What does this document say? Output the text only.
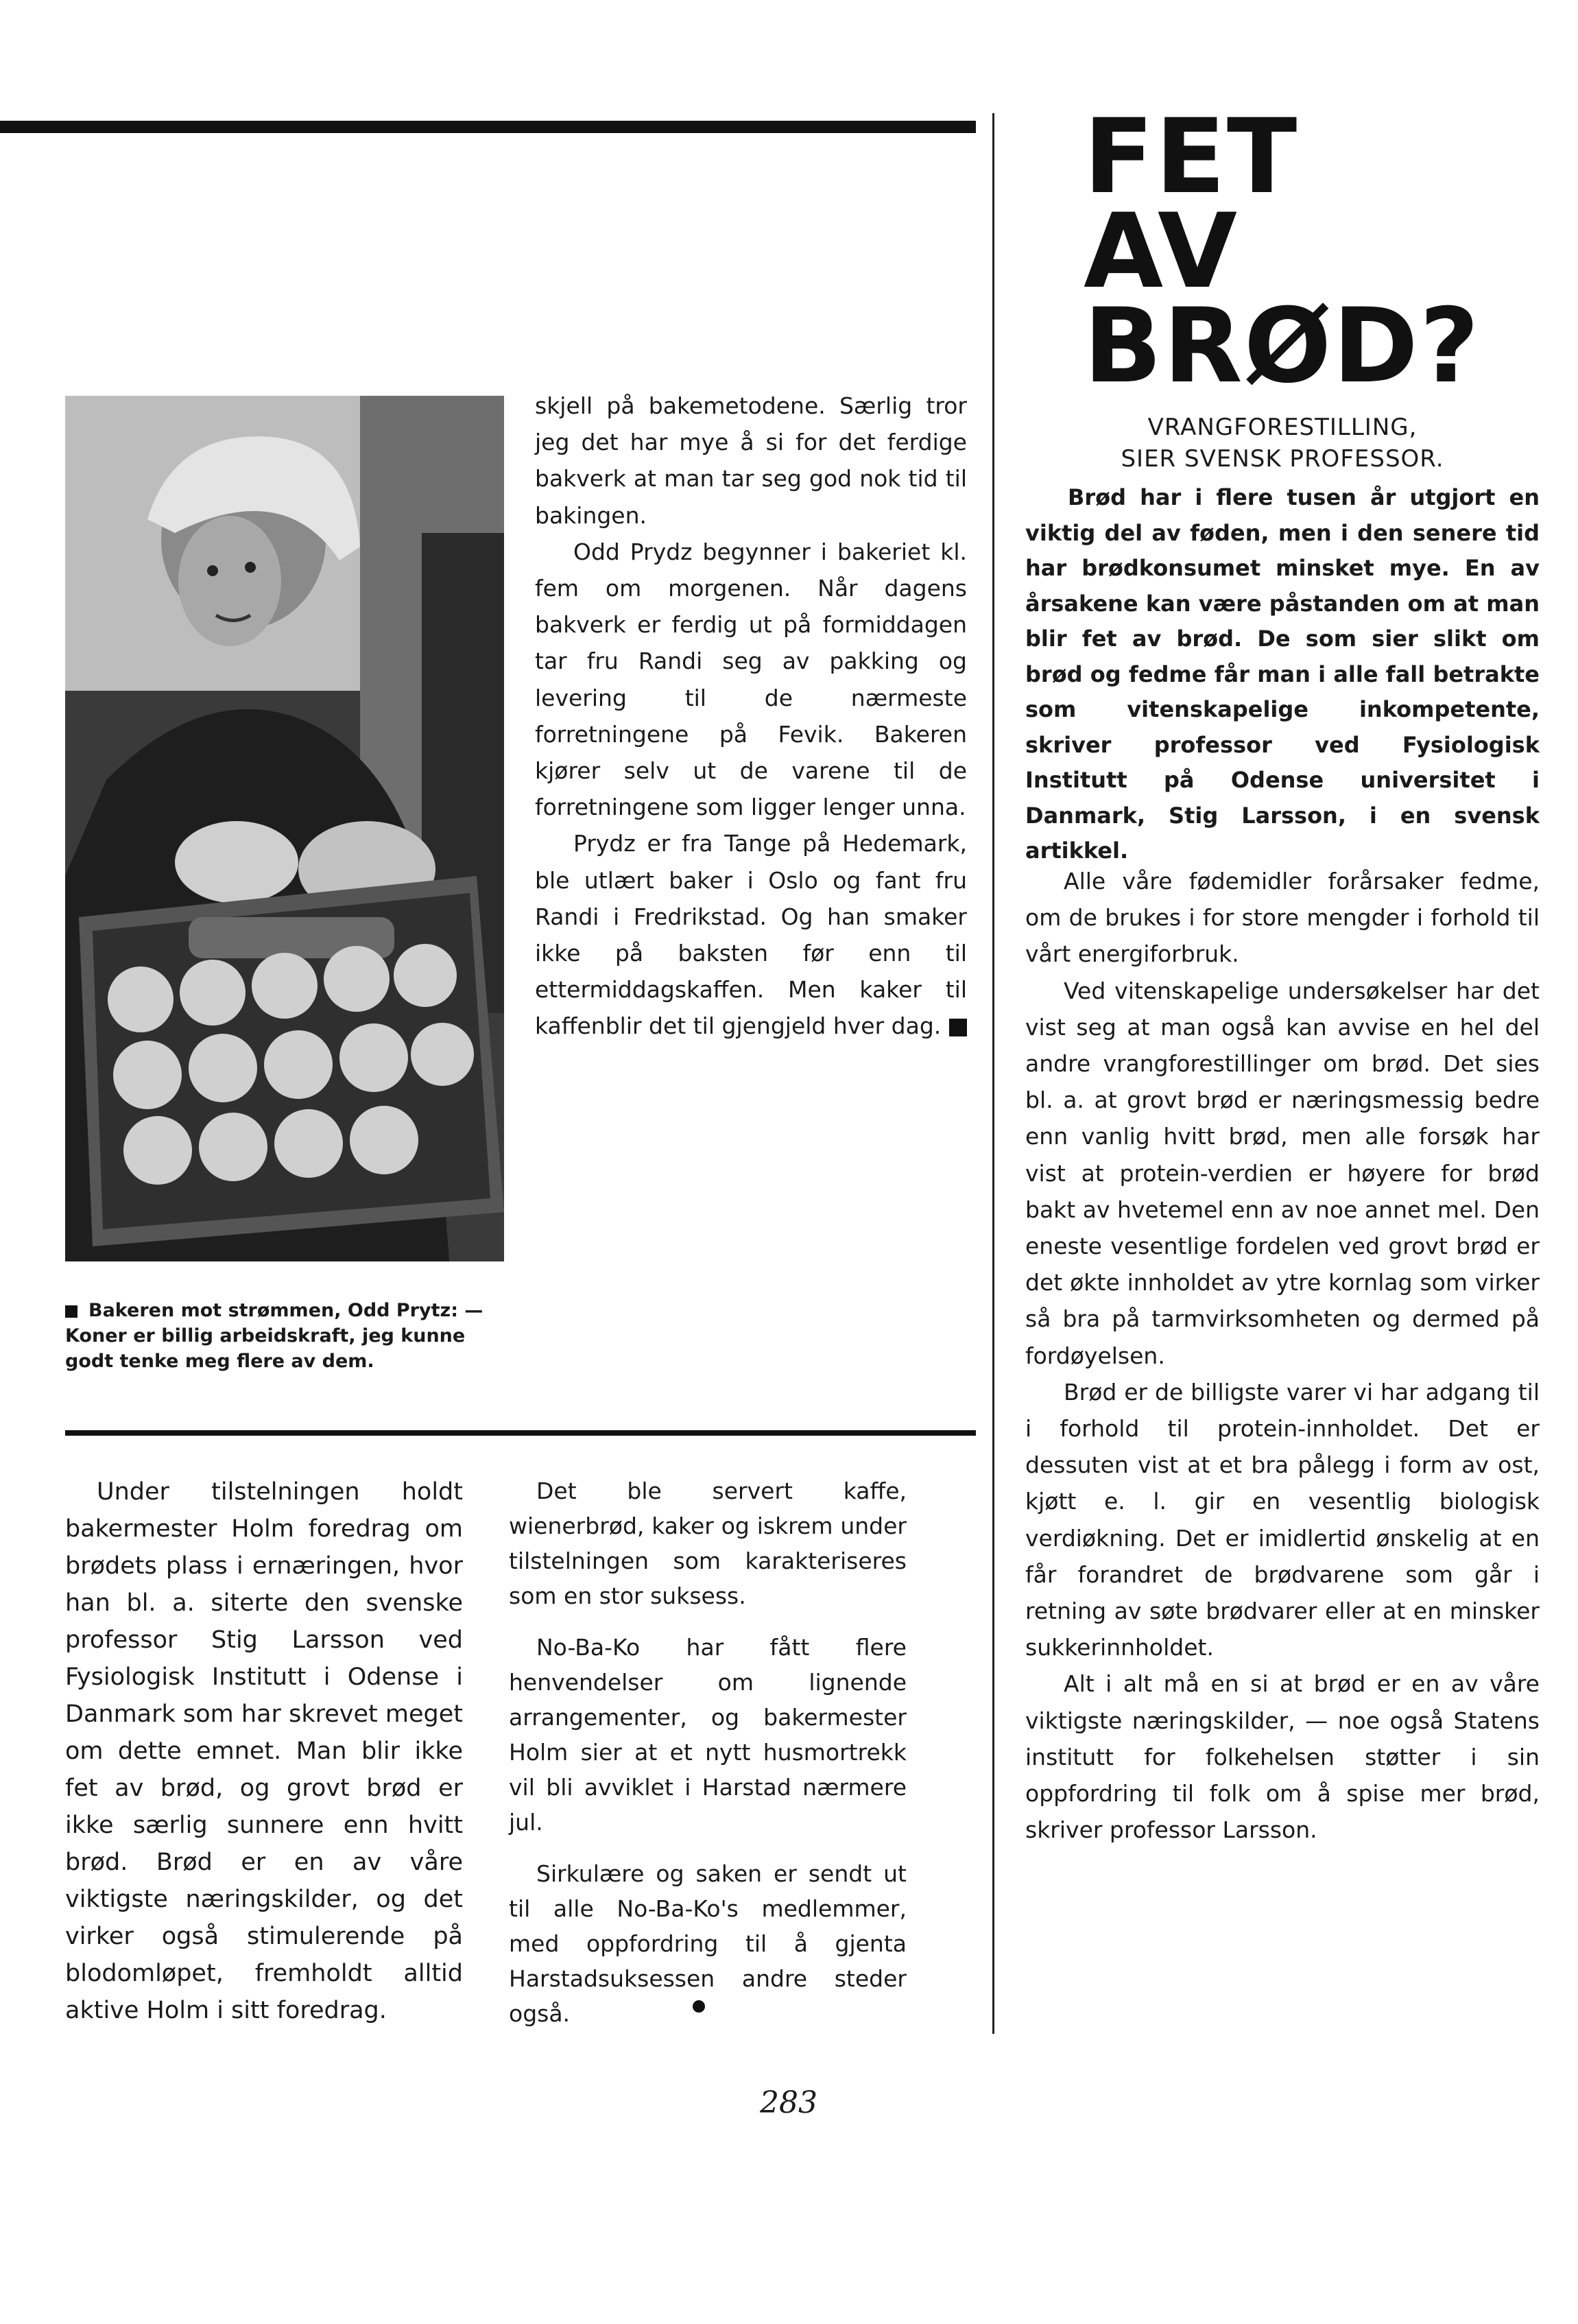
Bakeren mot strømmen, Odd Prytz: — Koner er billig arbeidskraft, jeg kunne godt tenke meg flere av dem.

skjell på bakemetodene. Særlig tror jeg det har mye å si for det ferdige bakverk at man tar seg god nok tid til bakingen.

Odd Prydz begynner i bakeriet kl. fem om morgenen. Når dagens bakverk er ferdig ut på formiddagen tar fru Randi seg av pakking og levering til de nærmeste forretningene på Fevik. Bakeren kjører selv ut de varene til de forretningene som ligger lenger unna.

Prydz er fra Tange på Hedemark, ble utlært baker i Oslo og fant fru Randi i Fredrikstad. Og han smaker ikke på baksten før enn til ettermiddagskaffen. Men kaker til kaffenblir det til gjengjeld hver dag.

FET
AV
BRØD?
VRANGFORESTILLING,
SIER SVENSK PROFESSOR.

Brød har i flere tusen år utgjort en viktig del av føden, men i den senere tid har brødkonsumet minsket mye. En av årsakene kan være påstanden om at man blir fet av brød. De som sier slikt om brød og fedme får man i alle fall betrakte som vitenskapelige inkompetente, skriver professor ved Fysiologisk Institutt på Odense universitet i Danmark, Stig Larsson, i en svensk artikkel.

Alle våre fødemidler forårsaker fedme, om de brukes i for store mengder i forhold til vårt energiforbruk.

Ved vitenskapelige undersøkelser har det vist seg at man også kan avvise en hel del andre vrangforestillinger om brød. Det sies bl. a. at grovt brød er næringsmessig bedre enn vanlig hvitt brød, men alle forsøk har vist at protein-verdien er høyere for brød bakt av hvetemel enn av noe annet mel. Den eneste vesentlige fordelen ved grovt brød er det økte innholdet av ytre kornlag som virker så bra på tarmvirksomheten og dermed på fordøyelsen.

Brød er de billigste varer vi har adgang til i forhold til protein-innholdet. Det er dessuten vist at et bra pålegg i form av ost, kjøtt e. l. gir en vesentlig biologisk verdiøkning. Det er imidlertid ønskelig at en får forandret de brødvarene som går i retning av søte brødvarer eller at en minsker sukkerinnholdet.

Alt i alt må en si at brød er en av våre viktigste næringskilder, — noe også Statens institutt for folkehelsen støtter i sin oppfordring til folk om å spise mer brød, skriver professor Larsson.

Under tilstelningen holdt bakermester Holm foredrag om brødets plass i ernæringen, hvor han bl. a. siterte den svenske professor Stig Larsson ved Fysiologisk Institutt i Odense i Danmark som har skrevet meget om dette emnet. Man blir ikke fet av brød, og grovt brød er ikke særlig sunnere enn hvitt brød. Brød er en av våre viktigste næringskilder, og det virker også stimulerende på blodomløpet, fremholdt alltid aktive Holm i sitt foredrag.

Det ble servert kaffe, wienerbrød, kaker og iskrem under tilstelningen som karakteriseres som en stor suksess.

No-Ba-Ko har fått flere henvendelser om lignende arrangementer, og bakermester Holm sier at et nytt husmortrekk vil bli avviklet i Harstad nærmere jul.

Sirkulære og saken er sendt ut til alle No-Ba-Ko's medlemmer, med oppfordring til å gjenta Harstadsuksessen andre steder også.

283
